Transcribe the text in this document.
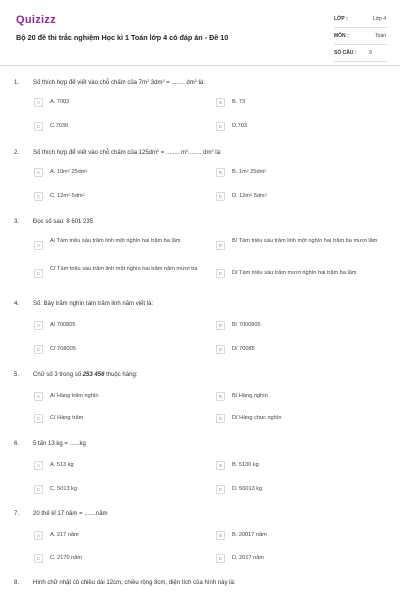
Quizizz
Bộ 20 đề thi trắc nghiệm Học kì 1 Toán lớp 4 có đáp án - Đề 10
LỚP :	Lớp 4
MÔN :	Toán
SỐ CÂU :	9
1. Số thích hợp để viết vào chỗ chấm của $7m^2$ $3dm^2$ = ........ $dm^2$ là:
A	A. 7003	B	B. 73
C	C.7030	D	D.703
2. Số thích hợp để viết vào chỗ chấm của $125dm^2$ = ........ $m^2$........ $dm^2$ là:
A	A. $10m^2$ $25dm^2$	B	B. $1m^2$ $25dm^2$
C	C. $12m^2$ $5dm^2$	D	D. $12m^2$ $5dm^2$
3. Đọc số sau: 8 601 235
A
A/ Tám triệu sáu trăm linh một nghìn hai trăm ba lăm
B
B/ Tám triệu sáu trăm linh một nghìn hai trăm ba mươi lăm
C
C/ Tám triệu sáu trăm linh một nghìn hai trăm năm mươi ba
D	D/ Tám triệu sáu trăm mươi nghìn hai trăm ba lăm
4. Số: Bảy trăm nghìn tám trăm linh năm viết là:
A	A/ 700805	B	B/ 7000805
C	C/ 708005	D	D/ 70085
5. Chữ số 3 trong số 253 456 thuộc hàng:
A	A/ Hàng trăm nghìn	B	B/ Hàng nghìn
C	C/ Hàng trăm	D	D/ Hàng chục nghìn
6. 5 tấn 13 kg = ......kg
A	A. 513 kg	B	B. 5130 kg
C	C. 5013 kg	D	D. 50013 kg
7. 20 thế kỉ 17 năm = .......năm
A	A. 217 năm	B	B. 20017 năm
C	C. 2170 năm	D	D. 2017 năm
8. Hình chữ nhật có chiều dài 12cm, chiều rộng 8cm, diện tích của hình này là:
